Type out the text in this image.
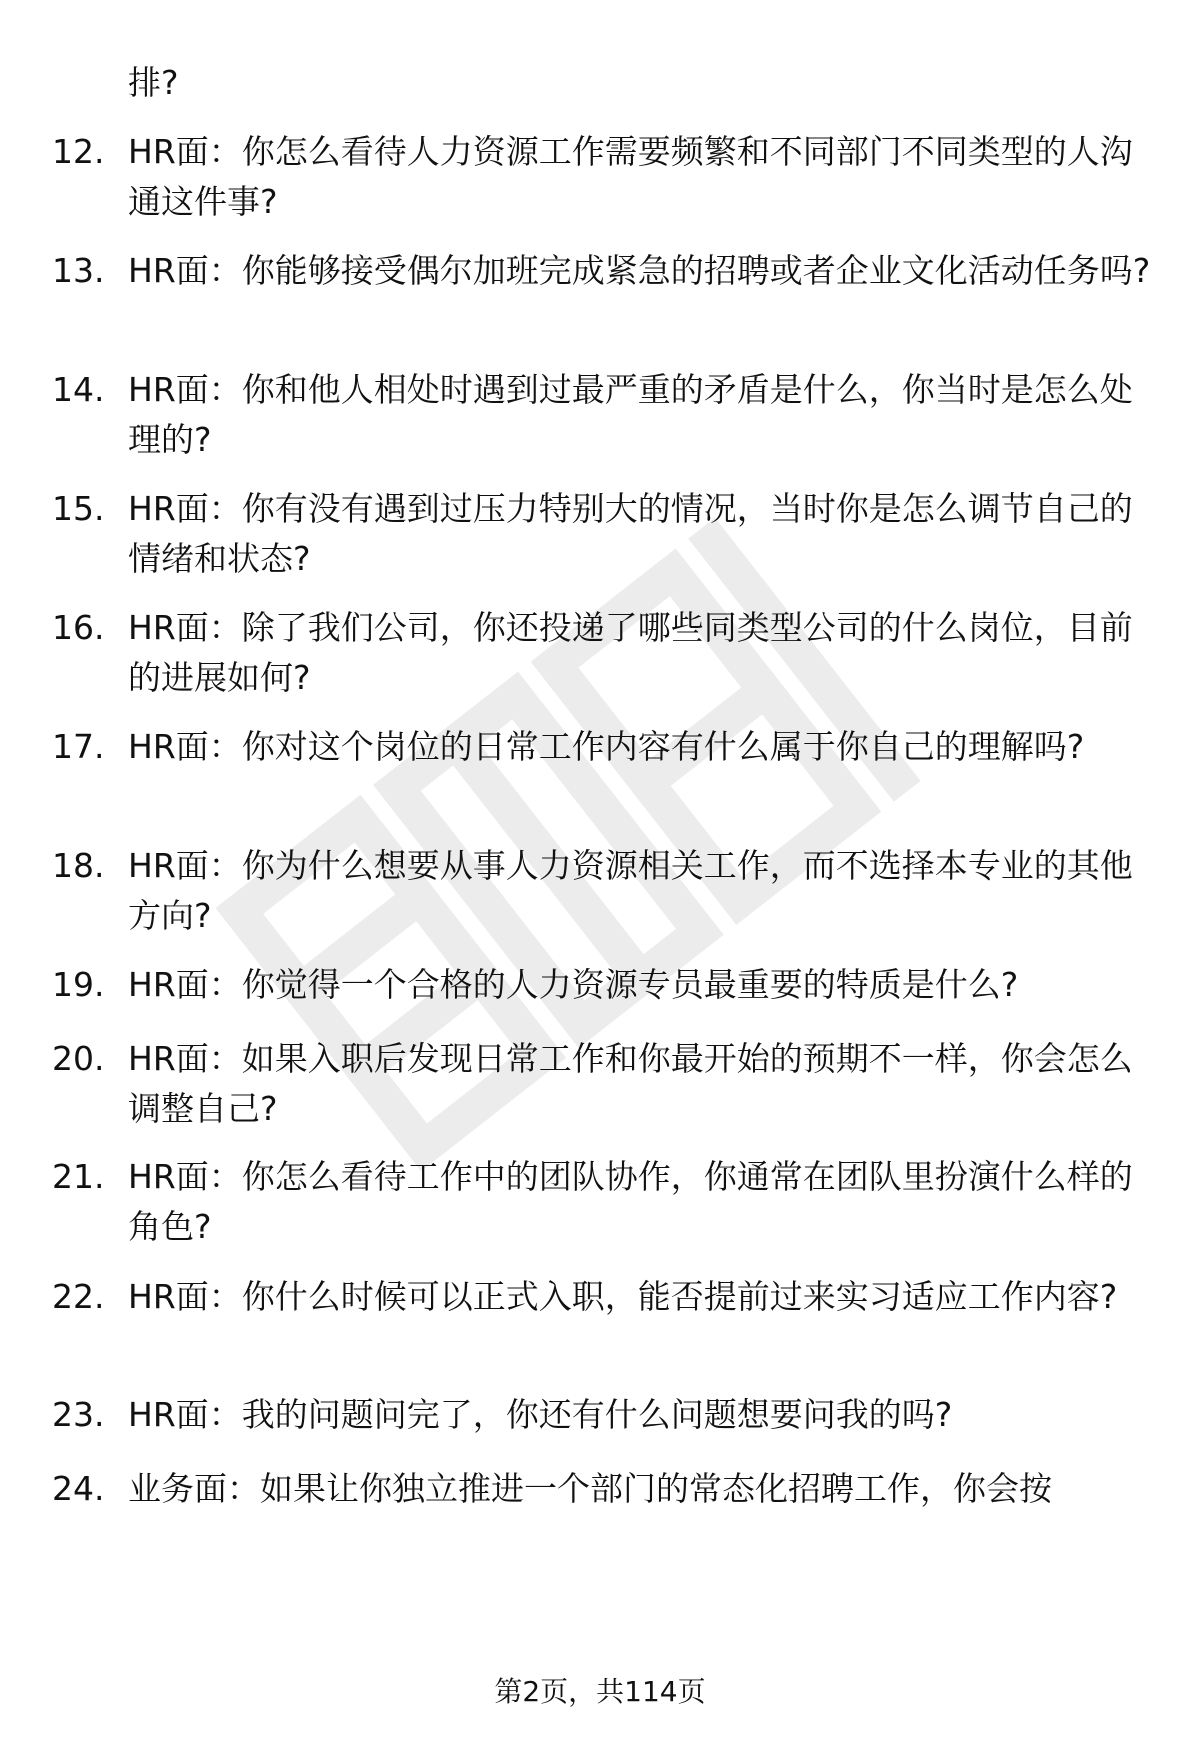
排?

12. HR面：你怎么看待人力资源工作需要频繁和不同部门不同类型的人沟通这件事?
13. HR面：你能够接受偶尔加班完成紧急的招聘或者企业文化活动任务吗?
14. HR面：你和他人相处时遇到过最严重的矛盾是什么，你当时是怎么处理的?
15. HR面：你有没有遇到过压力特别大的情况，当时你是怎么调节自己的情绪和状态?
16. HR面：除了我们公司，你还投递了哪些同类型公司的什么岗位，目前的进展如何?
17. HR面：你对这个岗位的日常工作内容有什么属于你自己的理解吗?
18. HR面：你为什么想要从事人力资源相关工作，而不选择本专业的其他方向?
19. HR面：你觉得一个合格的人力资源专员最重要的特质是什么?
20. HR面：如果入职后发现日常工作和你最开始的预期不一样，你会怎么调整自己?
21. HR面：你怎么看待工作中的团队协作，你通常在团队里扮演什么样的角色?
22. HR面：你什么时候可以正式入职，能否提前过来实习适应工作内容?
23. HR面：我的问题问完了，你还有什么问题想要问我的吗?
24. 业务面：如果让你独立推进一个部门的常态化招聘工作，你会按
第2页，共114页
